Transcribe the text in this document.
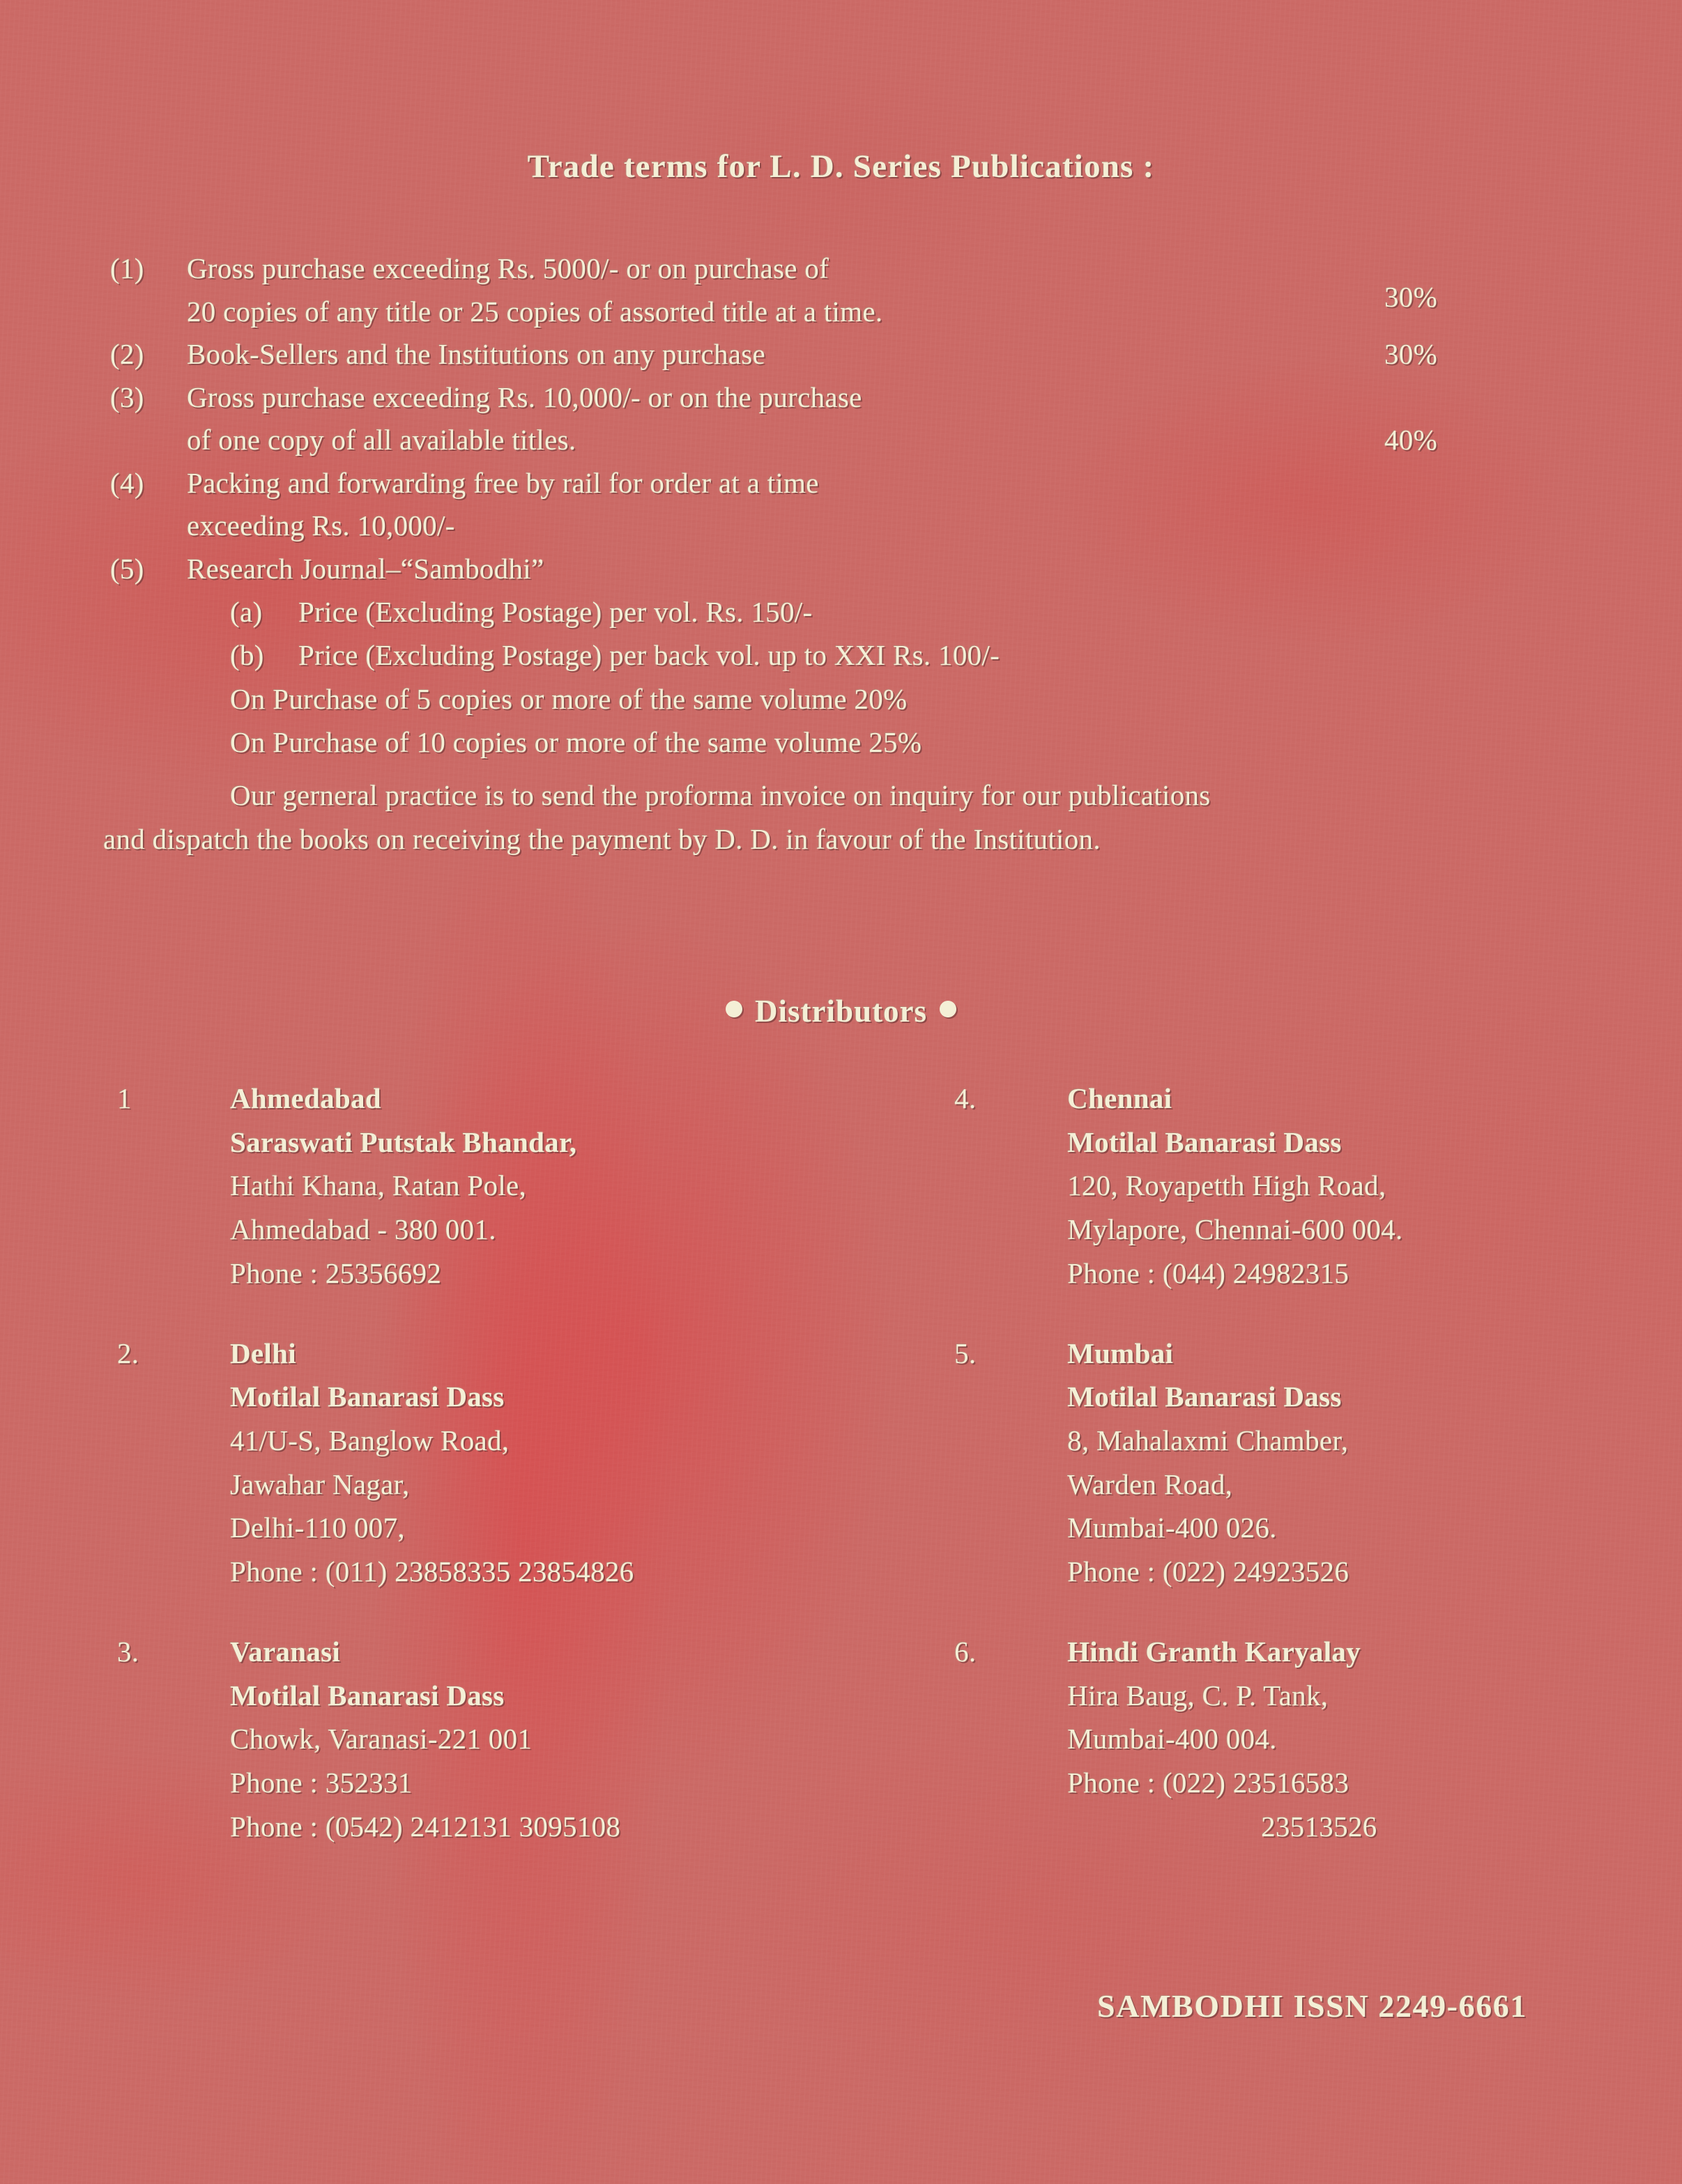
Trade terms for L. D. Series Publications :
(1)	Gross purchase exceeding Rs. 5000/- or on purchase of
20 copies of any title or 25 copies of assorted title at a time.	30%
(2)	Book-Sellers and the Institutions on any purchase	30%
(3)	Gross purchase exceeding Rs. 10,000/- or on the purchase
of one copy of all available titles.	40%
(4)	Packing and forwarding free by rail for order at a time
exceeding Rs. 10,000/-
(5)	Research Journal–“Sambodhi”
(a)	Price (Excluding Postage) per vol. Rs. 150/-
(b)	Price (Excluding Postage) per back vol. up to XXI Rs. 100/-
On Purchase of 5 copies or more of the same volume 20%
On Purchase of 10 copies or more of the same volume 25%
Our gerneral practice is to send the proforma invoice on inquiry for our publications
and dispatch the books on receiving the payment by D. D. in favour of the Institution.
Distributors
1	Ahmedabad
Saraswati Putstak Bhandar,
Hathi Khana, Ratan Pole,
Ahmedabad - 380 001.
Phone : 25356692
2.	Delhi
Motilal Banarasi Dass
41/U-S, Banglow Road,
Jawahar Nagar,
Delhi-110 007,
Phone : (011) 23858335 23854826
3.	Varanasi
Motilal Banarasi Dass
Chowk, Varanasi-221 001
Phone : 352331
Phone : (0542) 2412131 3095108
4.	Chennai
Motilal Banarasi Dass
120, Royapetth High Road,
Mylapore, Chennai-600 004.
Phone : (044) 24982315
5.	Mumbai
Motilal Banarasi Dass
8, Mahalaxmi Chamber,
Warden Road,
Mumbai-400 026.
Phone : (022) 24923526
6.	Hindi Granth Karyalay
Hira Baug, C. P. Tank,
Mumbai-400 004.
Phone : (022) 23516583
23513526
SAMBODHI ISSN 2249-6661
